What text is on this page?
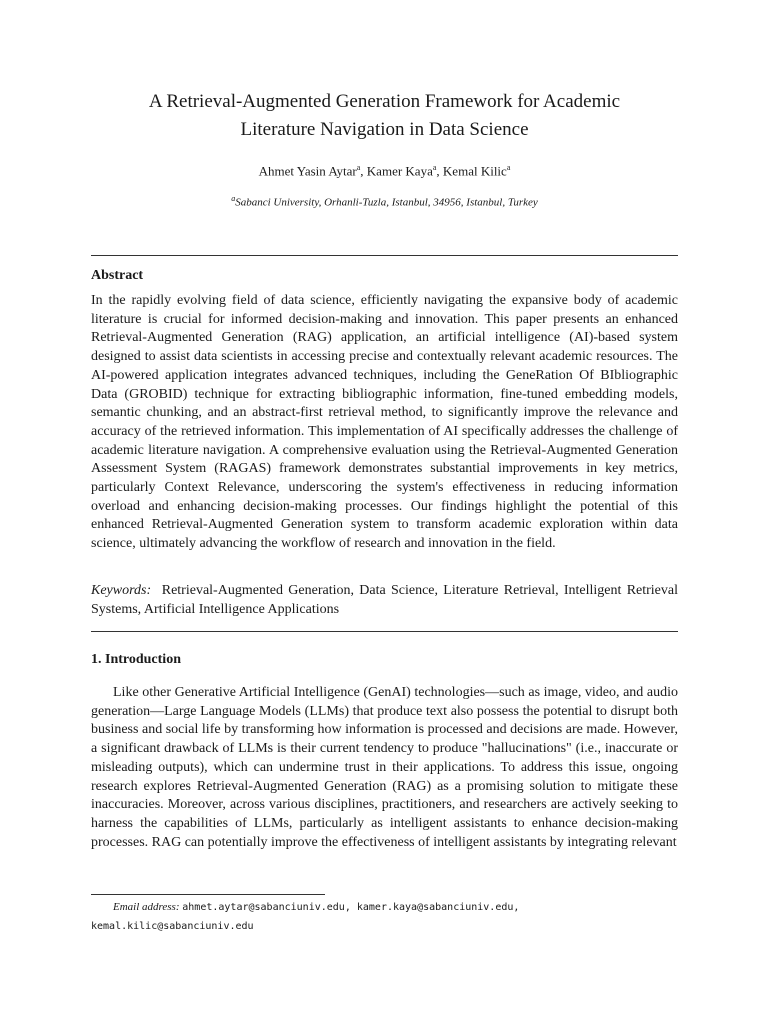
A Retrieval-Augmented Generation Framework for Academic
Literature Navigation in Data Science
Ahmet Yasin Aytar$^a$, Kamer Kaya$^a$, Kemal Kilic$^a$
$^a$Sabanci University, Orhanli-Tuzla, Istanbul, 34956, Istanbul, Turkey
Abstract
In the rapidly evolving field of data science, efficiently navigating the expansive body of academic literature is crucial for informed decision-making and innovation. This paper presents an enhanced Retrieval-Augmented Generation (RAG) application, an artificial intelligence (AI)-based system designed to assist data scientists in accessing precise and contextually relevant academic resources. The AI-powered application integrates advanced techniques, including the GeneRation Of BIbliographic Data (GROBID) technique for extracting bibliographic information, fine-tuned embedding models, semantic chunking, and an abstract-first retrieval method, to significantly improve the relevance and accuracy of the retrieved information. This implementation of AI specifically addresses the challenge of academic literature navigation. A comprehensive evaluation using the Retrieval-Augmented Generation Assessment System (RAGAS) framework demonstrates substantial improvements in key metrics, particularly Context Relevance, underscoring the system's effectiveness in reducing information overload and enhancing decision-making processes. Our findings highlight the potential of this enhanced Retrieval-Augmented Generation system to transform academic exploration within data science, ultimately advancing the workflow of research and innovation in the field.
Keywords: Retrieval-Augmented Generation, Data Science, Literature Retrieval, Intelligent Retrieval Systems, Artificial Intelligence Applications
1. Introduction
Like other Generative Artificial Intelligence (GenAI) technologies—such as image, video, and audio generation—Large Language Models (LLMs) that produce text also possess the potential to disrupt both business and social life by transforming how information is processed and decisions are made. However, a significant drawback of LLMs is their current tendency to produce "hallucinations" (i.e., inaccurate or misleading outputs), which can undermine trust in their applications. To address this issue, ongoing research explores Retrieval-Augmented Generation (RAG) as a promising solution to mitigate these inaccuracies. Moreover, across various disciplines, practitioners, and researchers are actively seeking to harness the capabilities of LLMs, particularly as intelligent assistants to enhance decision-making processes. RAG can potentially improve the effectiveness of intelligent assistants by integrating relevant
Email address: ahmet.aytar@sabanciuniv.edu, kamer.kaya@sabanciuniv.edu, kemal.kilic@sabanciuniv.edu
